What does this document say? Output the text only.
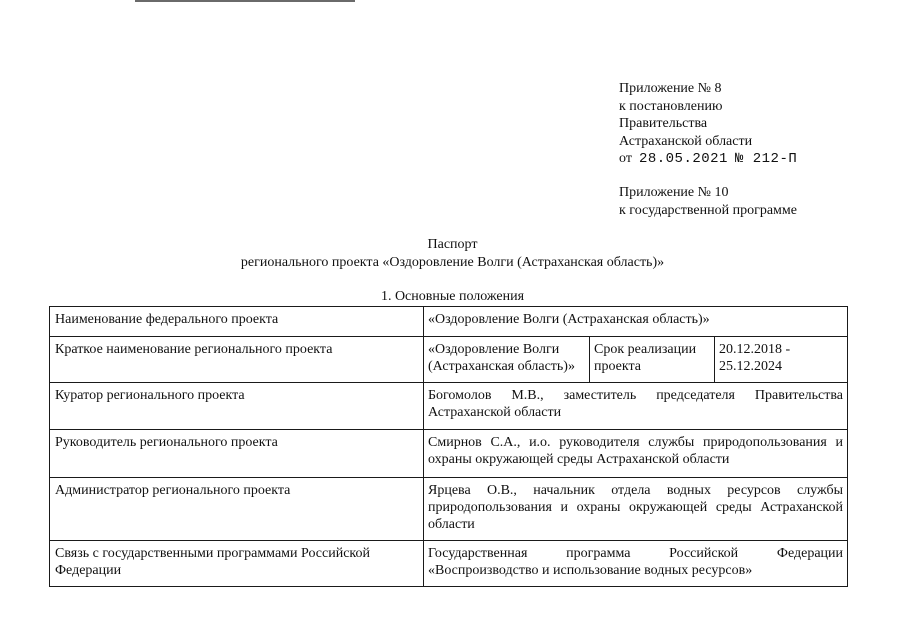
Приложение № 8
к постановлению
Правительства
Астраханской области
от 28.05.2021 № 212-П
Приложение № 10
к государственной программе
Паспорт
регионального проекта «Оздоровление Волги (Астраханская область)»
1. Основные положения
Наименование федерального проекта	«Оздоровление Волги (Астраханская область)»		
Краткое наименование регионального проекта	«Оздоровление Волги (Астраханская область)»	Срок реализации проекта	20.12.2018 - 25.12.2024
Куратор регионального проекта	Богомолов М.В., заместитель председателя Правительства Астраханской области		
Руководитель регионального проекта	Смирнов С.А., и.о. руководителя службы природопользования и охраны окружающей среды Астраханской области		
Администратор регионального проекта	Ярцева О.В., начальник отдела водных ресурсов службы природопользования и охраны окружающей среды Астраханской области		
Связь с государственными программами Российской Федерации	Государственная программа Российской Федерации «Воспроизводство и использование водных ресурсов»		
